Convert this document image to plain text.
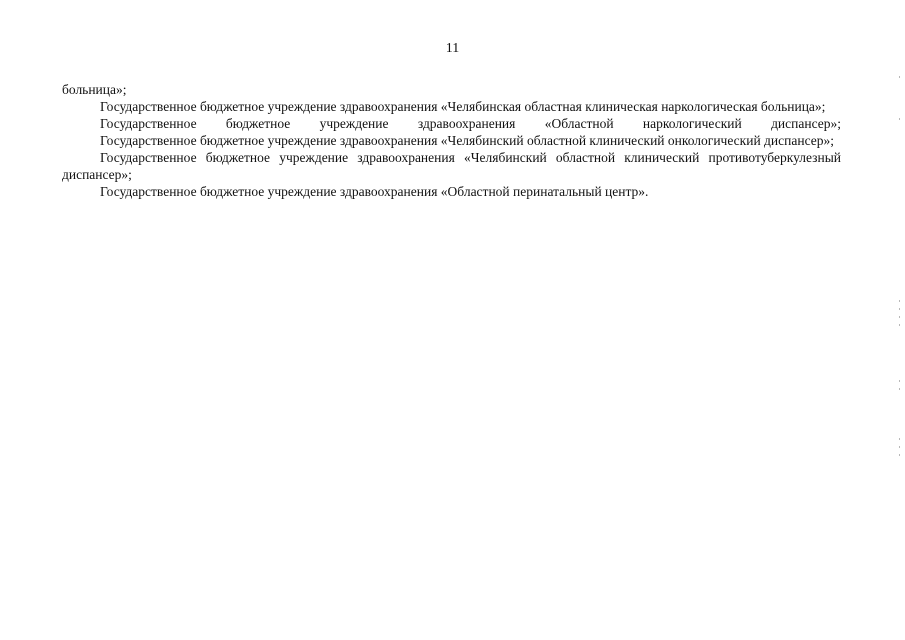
11

больница»;

Государственное бюджетное учреждение здравоохранения «Челябинская областная клиническая наркологическая больница»;

Государственное бюджетное учреждение здравоохранения «Областной наркологический диспансер»;

Государственное бюджетное учреждение здравоохранения «Челябинский областной клинический онкологический диспансер»;

Государственное бюджетное учреждение здравоохранения «Челябинский областной клинический противотуберкулезный диспансер»;

Государственное бюджетное учреждение здравоохранения «Областной перинатальный центр».
